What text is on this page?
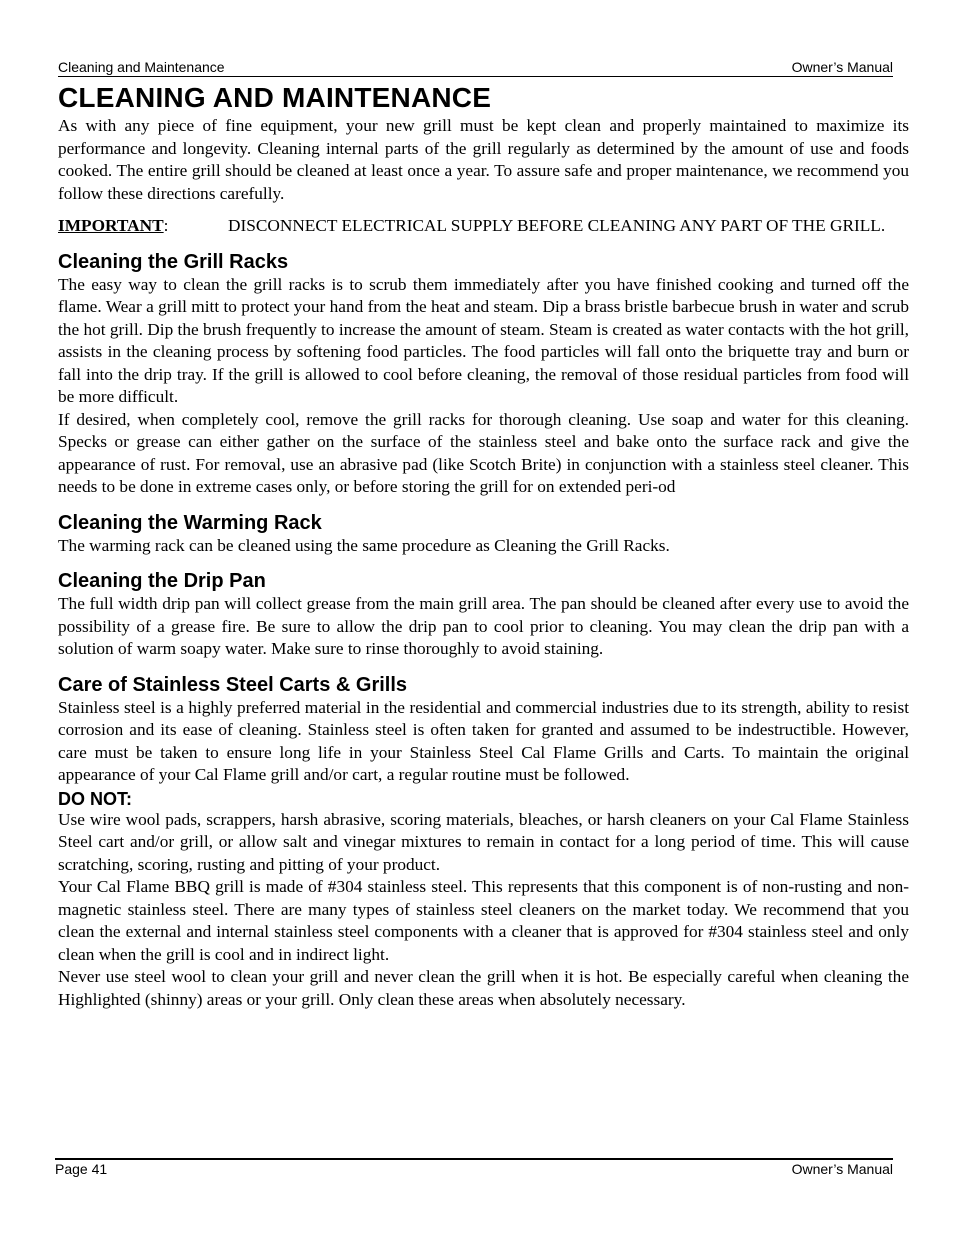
Cleaning and Maintenance	Owner’s Manual
CLEANING AND MAINTENANCE

As with any piece of fine equipment, your new grill must be kept clean and properly maintained to maximize its performance and longevity. Cleaning internal parts of the grill regularly as determined by the amount of use and foods cooked. The entire grill should be cleaned at least once a year. To assure safe and proper maintenance, we recommend you follow these directions carefully.

IMPORTANT:	DISCONNECT ELECTRICAL SUPPLY BEFORE CLEANING ANY PART OF THE GRILL.
Cleaning the Grill Racks

The easy way to clean the grill racks is to scrub them immediately after you have finished cooking and turned off the flame. Wear a grill mitt to protect your hand from the heat and steam. Dip a brass bristle barbecue brush in water and scrub the hot grill. Dip the brush frequently to increase the amount of steam. Steam is created as water contacts with the hot grill, assists in the cleaning process by softening food particles. The food particles will fall onto the briquette tray and burn or fall into the drip tray. If the grill is allowed to cool before cleaning, the removal of those residual particles from food will be more difficult.

If desired, when completely cool, remove the grill racks for thorough cleaning. Use soap and water for this cleaning. Specks or grease can either gather on the surface of the stainless steel and bake onto the surface rack and give the appearance of rust. For removal, use an abrasive pad (like Scotch Brite) in conjunction with a stainless steel cleaner. This needs to be done in extreme cases only, or before storing the grill for on extended peri-od

Cleaning the Warming Rack

The warming rack can be cleaned using the same procedure as Cleaning the Grill Racks.

Cleaning the Drip Pan

The full width drip pan will collect grease from the main grill area. The pan should be cleaned after every use to avoid the possibility of a grease fire. Be sure to allow the drip pan to cool prior to cleaning. You may clean the drip pan with a solution of warm soapy water. Make sure to rinse thoroughly to avoid staining.

Care of Stainless Steel Carts & Grills

Stainless steel is a highly preferred material in the residential and commercial industries due to its strength, ability to resist corrosion and its ease of cleaning. Stainless steel is often taken for granted and assumed to be indestructible. However, care must be taken to ensure long life in your Stainless Steel Cal Flame Grills and Carts. To maintain the original appearance of your Cal Flame grill and/or cart, a regular routine must be followed.

DO NOT:

Use wire wool pads, scrappers, harsh abrasive, scoring materials, bleaches, or harsh cleaners on your Cal Flame Stainless Steel cart and/or grill, or allow salt and vinegar mixtures to remain in contact for a long period of time. This will cause scratching, scoring, rusting and pitting of your product.

Your Cal Flame BBQ grill is made of #304 stainless steel. This represents that this component is of non-rusting and non-magnetic stainless steel. There are many types of stainless steel cleaners on the market today. We recommend that you clean the external and internal stainless steel components with a cleaner that is approved for #304 stainless steel and only clean when the grill is cool and in indirect light.

Never use steel wool to clean your grill and never clean the grill when it is hot. Be especially careful when cleaning the Highlighted (shinny) areas or your grill. Only clean these areas when absolutely necessary.

Page 41	Owner’s Manual
